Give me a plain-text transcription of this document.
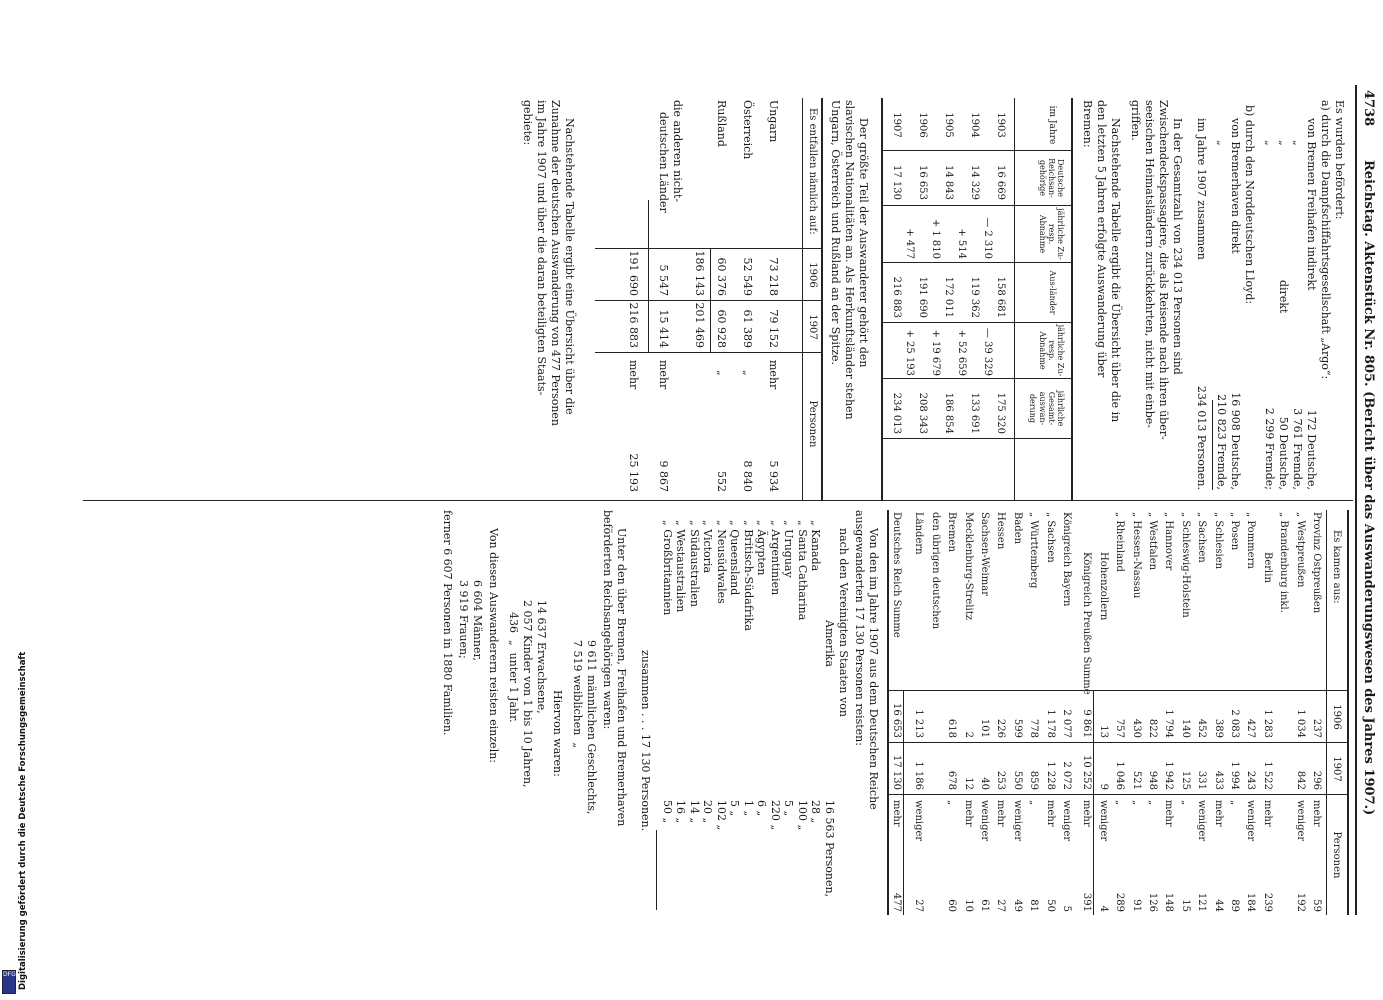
4738
Reichstag. Aktenstück Nr. 805. (Bericht über das Auswanderungswesen des Jahres 1907.)
Es wurden befördert:
a) durch die Dampfschiffahrtsgesellschaft „Argo“:
von Bremen Freihafen indirekt
„
„
direkt
„
172 Deutsche,
3 761 Fremde,
50 Deutsche,
2 299 Fremde;
b) durch den Norddeutschen Lloyd:
von Bremerhaven direkt
16 908 Deutsche,
„
210 823 Fremde,
im Jahre 1907 zusammen
234 013 Personen.
In der Gesamtzahl von 234 013 Personen sind
Zwischendeckspassagiere, die als Reisende nach ihren über-
seeischen Heimatsländern zurückkehrten, nicht mit einbe-
griffen.
Nachstehende Tabelle ergibt die Übersicht über die in
den letzten 5 Jahren erfolgte Auswanderung über
Bremen:
im Jahre
Deutsche Reichsan-gehörige
jährliche Zu- resp. Abnahme
Aus-länder
jährliche Zu- resp. Abnahme
jährliche Gesamt-auswan-derung
1903
16 669
158 681
175 320
1904
14 329
— 2 310
119 362
— 39 329
133 691
1905
14 843
+ 514
172 011
+ 52 659
186 854
1906
16 653
+ 1 810
191 690
+ 19 679
208 343
1907
17 130
+ 477
216 883
+ 25 193
234 013
Der größte Teil der Auswanderer gehört den
slavischen Nationalitäten an. Als Herkunftsländer stehen
Ungarn, Österreich und Rußland an der Spitze.
Es entfallen nämlich auf:
1906
1907
Personen
Ungarn
73 218
79 152
mehr
5 934
Österreich
52 549
61 389
„
8 840
Rußland
60 376
60 928
„
552
186 143
201 469
die anderen nicht-
deutschen Länder
5 547
15 414
mehr
9 867
191 690
216 883
mehr
25 193
Nachstehende Tabelle ergibt eine Übersicht über die
Zunahme der deutschen Auswanderung von 477 Personen
im Jahre 1907 und über die daran beteiligten Staats-
gebiete:
Es kamen aus:
1906
1907
Personen
Provinz Ostpreußen
237
296
mehr
59
„ Westpreußen
1 034
842
weniger
192
„ Brandenburg inkl.
Berlin
1 283
1 522
mehr
239
„ Pommern
427
243
weniger
184
„ Posen
2 083
1 994
„
89
„ Schlesien
389
433
mehr
44
„ Sachsen
452
331
weniger
121
„ Schleswig-Holstein
140
125
„
15
„ Hannover
1 794
1 942
mehr
148
„ Westfalen
822
948
„
126
„ Hessen-Nassau
430
521
„
91
„ Rheinland
757
1 046
„
289
Hohenzollern
13
9
weniger
4
Königreich Preußen Summe
9 861
10 252
mehr
391
Königreich Bayern
2 077
2 072
weniger
5
„ Sachsen
1 178
1 228
mehr
50
„ Württemberg
778
859
„
81
Baden
599
550
weniger
49
Hessen
226
253
mehr
27
Sachsen-Weimar
101
40
weniger
61
Mecklenburg-Strelitz
2
12
mehr
10
Bremen
618
678
„
60
den übrigen deutschen
Ländern
1 213
1 186
weniger
27
Deutsches Reich Summe
16 653
17 130
mehr
477
Von den im Jahre 1907 aus dem Deutschen Reiche
ausgewanderten 17 130 Personen reisten:
nach den Vereinigten Staaten von
Amerika
16 563 Personen,
„ Kanada
28 „
„ Santa Catharina
100 „
„ Uruguay
5 „
„ Argentinien
220 „
„ Ägypten
6 „
„ Britisch-Südafrika
1 „
„ Queensland
5 „
„ Neusüdwales
102 „
„ Victoria
20 „
„ Südaustralien
14 „
„ Westaustralien
16 „
„ Großbritannien
50 „
zusammen . . . 17 130 Personen.
Unter den über Bremen, Freihafen und Bremerhaven
beförderten Reichsangehörigen waren:
9 611 männlichen Geschlechts,
7 519 weiblichen  „
Hiervon waren:
14 637 Erwachsene,
2 057 Kinder von 1 bis 10 Jahren,
436  „  unter 1 Jahr.
Von diesen Auswanderern reisten einzeln:
6 604 Männer,
3 919 Frauen;
ferner 6 607 Personen in 1880 Familien.
Digitalisierung gefördert durch die Deutsche Forschungsgemeinschaft
DFG
